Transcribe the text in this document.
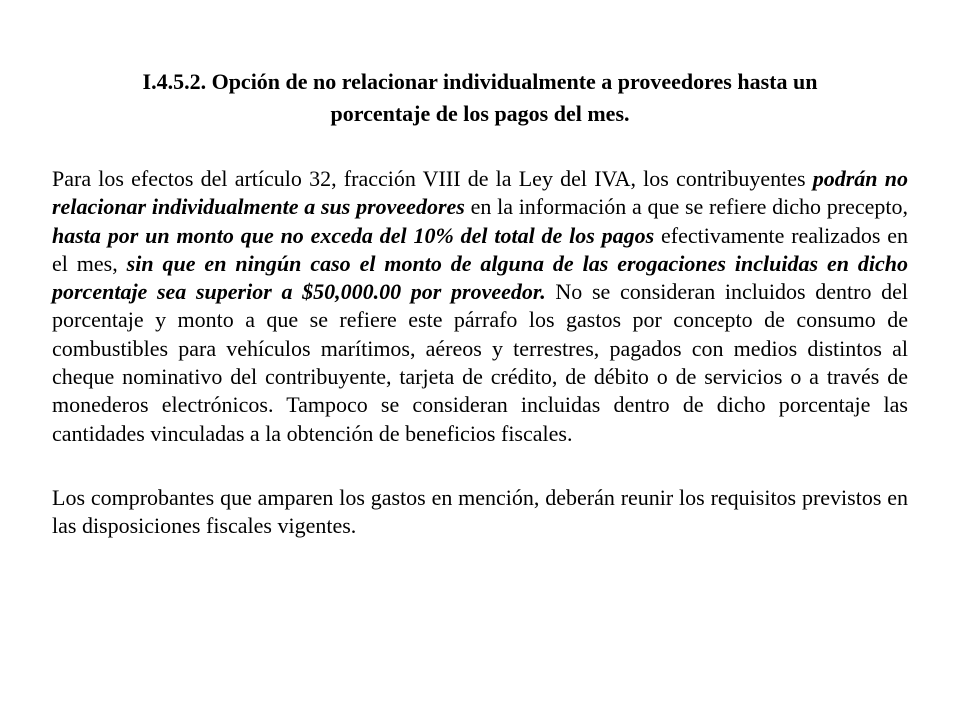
I.4.5.2. Opción de no relacionar individualmente a proveedores hasta un
porcentaje de los pagos del mes.

Para los efectos del artículo 32, fracción VIII de la Ley del IVA, los contribuyentes podrán no relacionar individualmente a sus proveedores en la información a que se refiere dicho precepto, hasta por un monto que no exceda del 10% del total de los pagos efectivamente realizados en el mes, sin que en ningún caso el monto de alguna de las erogaciones incluidas en dicho porcentaje sea superior a $50,000.00 por proveedor. No se consideran incluidos dentro del porcentaje y monto a que se refiere este párrafo los gastos por concepto de consumo de combustibles para vehículos marítimos, aéreos y terrestres, pagados con medios distintos al cheque nominativo del contribuyente, tarjeta de crédito, de débito o de servicios o a través de monederos electrónicos. Tampoco se consideran incluidas dentro de dicho porcentaje las cantidades vinculadas a la obtención de beneficios fiscales.

Los comprobantes que amparen los gastos en mención, deberán reunir los requisitos previstos en las disposiciones fiscales vigentes.
